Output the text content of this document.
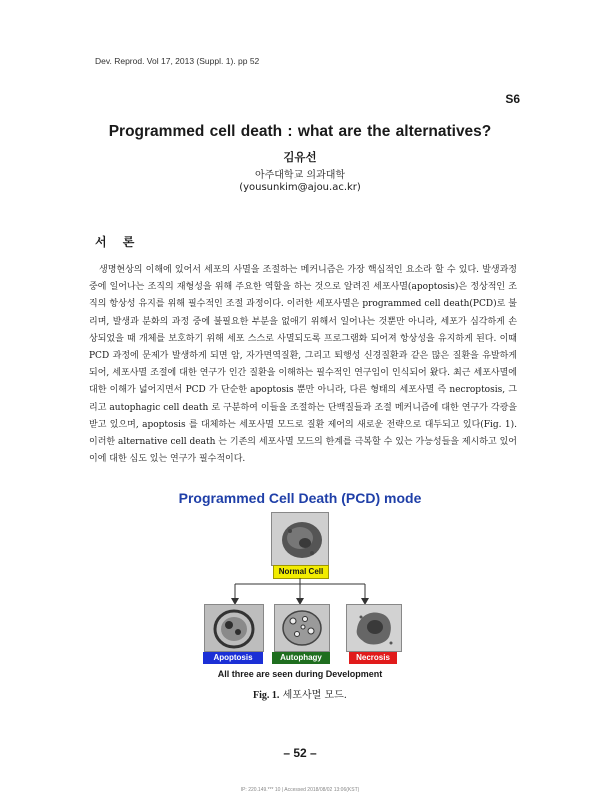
Dev. Reprod. Vol 17, 2013 (Suppl. 1). pp 52
S6
Programmed cell death : what are the alternatives?
김유선
아주대학교 의과대학
(yousunkim@ajou.ac.kr)
서 론
생명현상의 이해에 있어서 세포의 사멸을 조절하는 메커니즘은 가장 핵심적인 요소라 할 수 있다. 발생과정 중에 일어나는 조직의 재형성을 위해 주요한 역할을 하는 것으로 알려진 세포사멸(apoptosis)은 정상적인 조직의 항상성 유지를 위해 필수적인 조절 과정이다. 이러한 세포사멸은 programmed cell death(PCD)로 불리며, 발생과 분화의 과정 중에 불필요한 부분을 없애기 위해서 일어나는 것뿐만 아니라, 세포가 심각하게 손상되었을 때 개체를 보호하기 위해 세포 스스로 사멸되도록 프로그램화 되어져 항상성을 유지하게 된다. 이때 PCD 과정에 문제가 발생하게 되면 암, 자가면역질환, 그리고 퇴행성 신경질환과 같은 많은 질환을 유발하게 되어, 세포사멸 조절에 대한 연구가 인간 질환을 이해하는 필수적인 연구임이 인식되어 왔다. 최근 세포사멸에 대한 이해가 넓어지면서 PCD 가 단순한 apoptosis 뿐만 아니라, 다른 형태의 세포사멸 즉 necroptosis, 그리고 autophagic cell death 로 구분하여 이들을 조절하는 단백질들과 조절 메커니즘에 대한 연구가 각광을 받고 있으며, apoptosis 를 대체하는 세포사멸 모드로 질환 제어의 새로운 전략으로 대두되고 있다(Fig. 1). 이러한 alternative cell death 는 기존의 세포사멸 모드의 한계를 극복할 수 있는 가능성들을 제시하고 있어 이에 대한 심도 있는 연구가 필수적이다.
Programmed Cell Death (PCD) mode
Normal Cell
Apoptosis	Autophagy	Necrosis
All three are seen during Development
Fig. 1. 세포사멸 모드.
– 52 –
IP: 220.149.*** 10 | Accessed 2018/08/02 13:06(KST)
